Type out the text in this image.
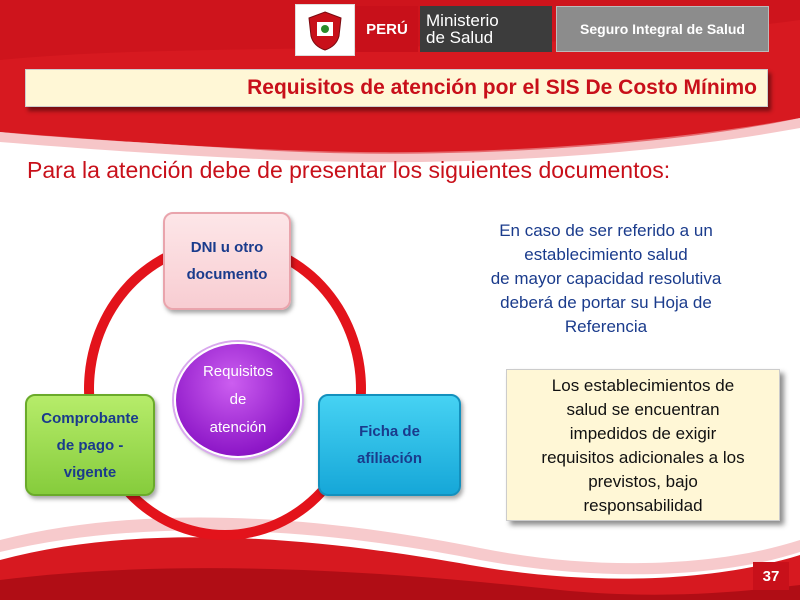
PERÚ	Ministerio
de Salud	Seguro Integral de Salud
Requisitos de atención por el SIS De Costo Mínimo
Para la atención debe de presentar los siguientes documentos:
DNI u otro
documento
Comprobante
de pago -
vigente
Ficha de
afiliación
Requisitos
de
atención
En caso de ser referido a un
establecimiento salud
de mayor capacidad resolutiva
deberá de portar su Hoja de
Referencia
Los establecimientos de
salud se encuentran
impedidos de exigir
requisitos adicionales a los
previstos, bajo
responsabilidad
37
